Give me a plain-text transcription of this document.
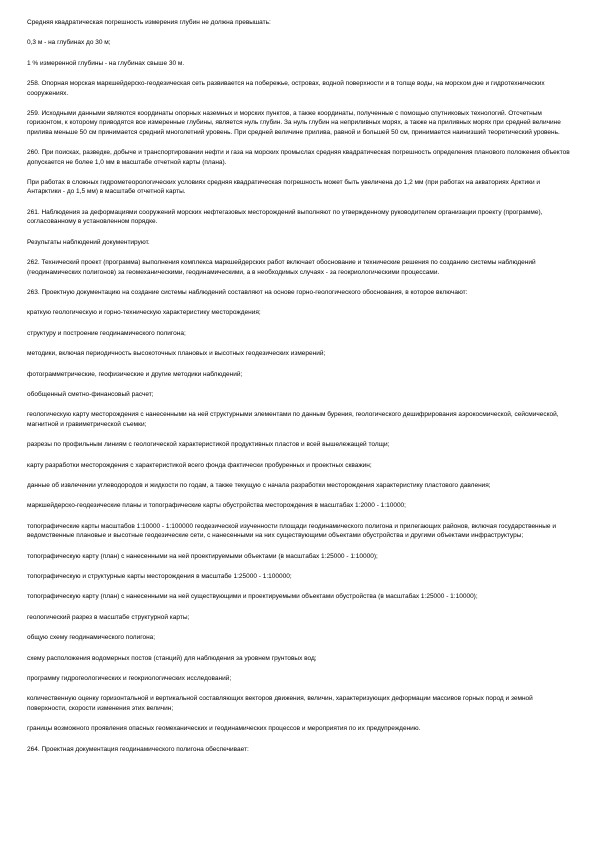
Средняя квадратическая погрешность измерения глубин не должна превышать:

0,3 м - на глубинах до 30 м;

1 % измеренной глубины - на глубинах свыше 30 м.

258. Опорная морская маркшейдерско-геодезическая сеть развивается на побережье, островах, водной поверхности и в толще воды, на морском дне и гидротехнических сооружениях.

259. Исходными данными являются координаты опорных наземных и морских пунктов, а также координаты, полученные с помощью спутниковых технологий. Отсчетным горизонтом, к которому приводятся все измеренные глубины, является нуль глубин. За нуль глубин на неприливных морях, а также на приливных морях при средней величине прилива меньше 50 см принимается средний многолетний уровень. При средней величине прилива, равной и большей 50 см, принимается наинизший теоретический уровень.

260. При поисках, разведке, добыче и транспортировании нефти и газа на морских промыслах средняя квадратическая погрешность определения планового положения объектов допускается не более 1,0 мм в масштабе отчетной карты (плана).

При работах в сложных гидрометеорологических условиях средняя квадратическая погрешность может быть увеличена до 1,2 мм (при работах на акваториях Арктики и Антарктики - до 1,5 мм) в масштабе отчетной карты.

261. Наблюдения за деформациями сооружений морских нефтегазовых месторождений выполняют по утвержденному руководителем организации проекту (программе), согласованному в установленном порядке.

Результаты наблюдений документируют.

262. Технический проект (программа) выполнения комплекса маркшейдерских работ включает обоснование и технические решения по созданию системы наблюдений (геодинамических полигонов) за геомеханическими, геодинамическими, а в необходимых случаях - за геокриологическими процессами.

263. Проектную документацию на создание системы наблюдений составляют на основе горно-геологического обоснования, в которое включают:

краткую геологическую и горно-техническую характеристику месторождения;

структуру и построение геодинамического полигона;

методики, включая периодичность высокоточных плановых и высотных геодезических измерений;

фотограмметрические, геофизические и другие методики наблюдений;

обобщенный сметно-финансовый расчет;

геологическую карту месторождения с нанесенными на ней структурными элементами по данным бурения, геологического дешифрирования аэрокосмической, сейсмической, магнитной и гравиметрической съемки;

разрезы по профильным линиям с геологической характеристикой продуктивных пластов и всей вышележащей толщи;

карту разработки месторождения с характеристикой всего фонда фактически пробуренных и проектных скважин;

данные об извлечении углеводородов и жидкости по годам, а также текущую с начала разработки месторождения характеристику пластового давления;

маркшейдерско-геодезические планы и топографические карты обустройства месторождения в масштабах 1:2000 - 1:10000;

топографические карты масштабов 1:10000 - 1:100000 геодезической изученности площади геодинамического полигона и прилегающих районов, включая государственные и ведомственные плановые и высотные геодезические сети, с нанесенными на них существующими объектами обустройства и другими объектами инфраструктуры;

топографическую карту (план) с нанесенными на ней проектируемыми объектами (в масштабах 1:25000 - 1:10000);

топографическую и структурные карты месторождения в масштабе 1:25000 - 1:100000;

топографическую карту (план) с нанесенными на ней существующими и проектируемыми объектами обустройства (в масштабах 1:25000 - 1:10000);

геологический разрез в масштабе структурной карты;

общую схему геодинамического полигона;

схему расположения водомерных постов (станций) для наблюдения за уровнем грунтовых вод;

программу гидрогеологических и геокриологических исследований;

количественную оценку горизонтальной и вертикальной составляющих векторов движения, величин, характеризующих деформации массивов горных пород и земной поверхности, скорости изменения этих величин;

границы возможного проявления опасных геомеханических и геодинамических процессов и мероприятия по их предупреждению.

264. Проектная документация геодинамического полигона обеспечивает:
